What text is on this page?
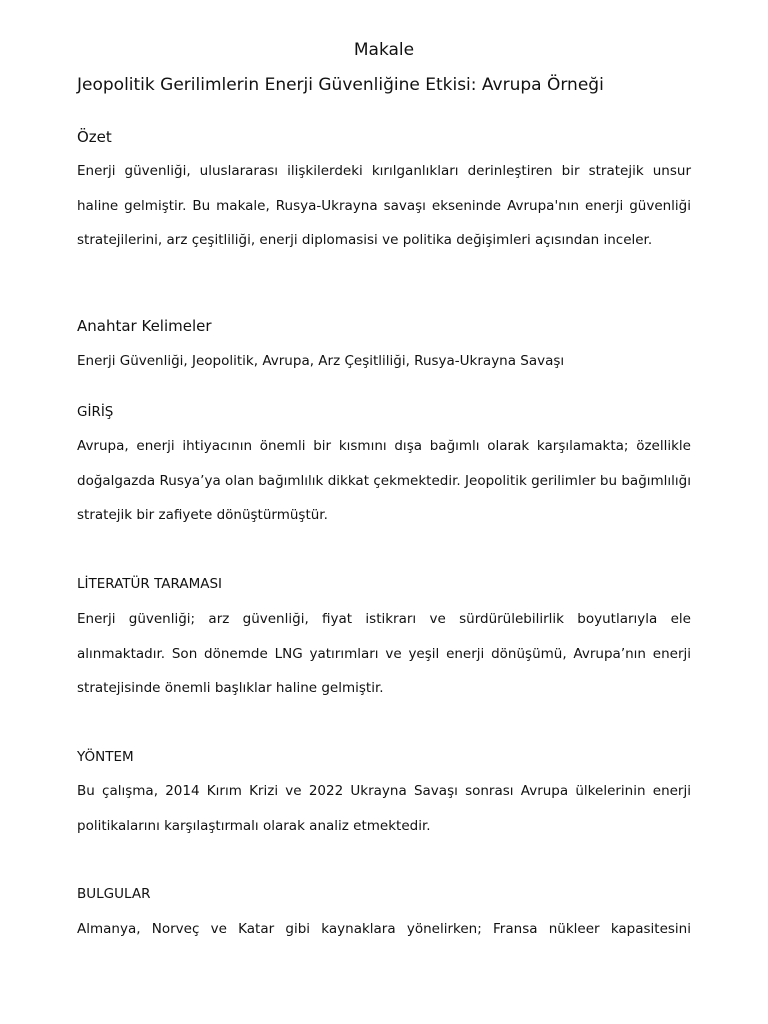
Makale
Jeopolitik Gerilimlerin Enerji Güvenliğine Etkisi: Avrupa Örneği
Özet

Enerji güvenliği, uluslararası ilişkilerdeki kırılganlıkları derinleştiren bir stratejik unsur haline gelmiştir. Bu makale, Rusya-Ukrayna savaşı ekseninde Avrupa'nın enerji güvenliği stratejilerini, arz çeşitliliği, enerji diplomasisi ve politika değişimleri açısından inceler.

Anahtar Kelimeler
Enerji Güvenliği, Jeopolitik, Avrupa, Arz Çeşitliliği, Rusya-Ukrayna Savaşı
GİRİŞ

Avrupa, enerji ihtiyacının önemli bir kısmını dışa bağımlı olarak karşılamakta; özellikle doğalgazda Rusya’ya olan bağımlılık dikkat çekmektedir. Jeopolitik gerilimler bu bağımlılığı stratejik bir zafiyete dönüştürmüştür.

LİTERATÜR TARAMASI

Enerji güvenliği; arz güvenliği, fiyat istikrarı ve sürdürülebilirlik boyutlarıyla ele alınmaktadır. Son dönemde LNG yatırımları ve yeşil enerji dönüşümü, Avrupa’nın enerji stratejisinde önemli başlıklar haline gelmiştir.

YÖNTEM

Bu çalışma, 2014 Kırım Krizi ve 2022 Ukrayna Savaşı sonrası Avrupa ülkelerinin enerji politikalarını karşılaştırmalı olarak analiz etmektedir.

BULGULAR

Almanya, Norveç ve Katar gibi kaynaklara yönelirken; Fransa nükleer kapasitesini
